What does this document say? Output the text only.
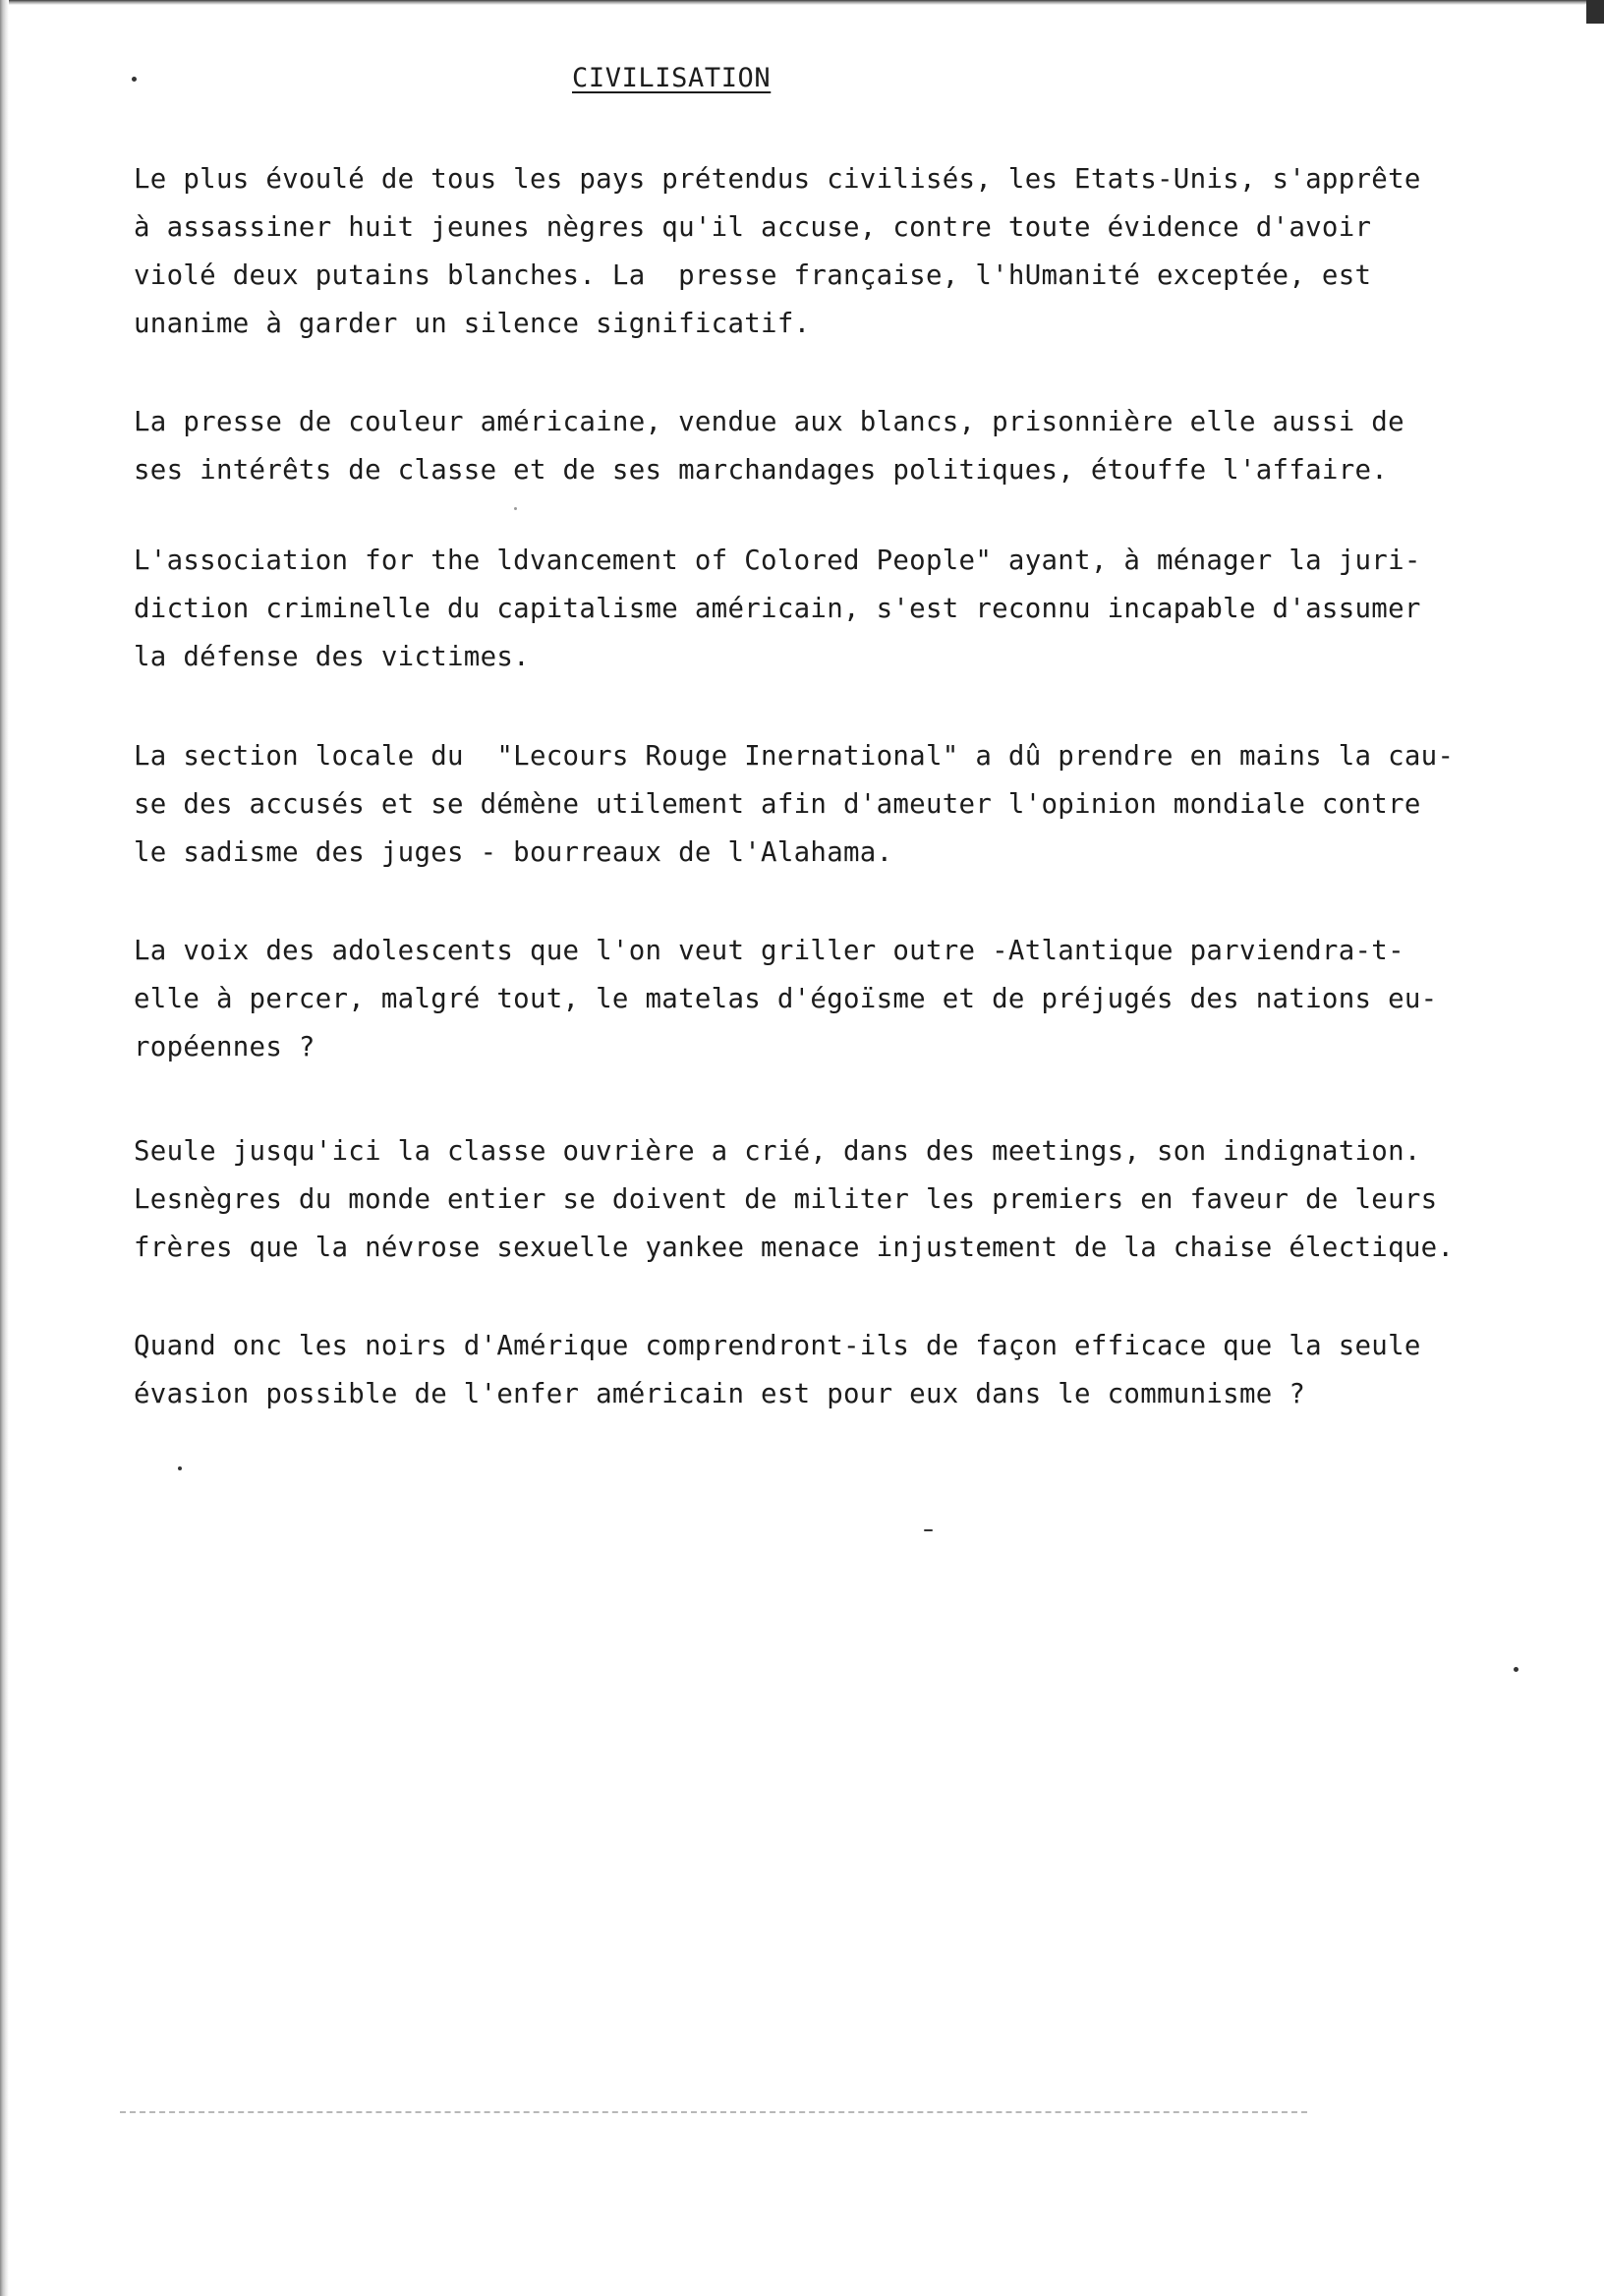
CIVILISATION
Le plus évoulé de tous les pays prétendus civilisés, les Etats-Unis, s'apprête
à assassiner huit jeunes nègres qu'il accuse, contre toute évidence d'avoir
violé deux putains blanches. La  presse française, l'hUmanité exceptée, est
unanime à garder un silence significatif.
La presse de couleur américaine, vendue aux blancs, prisonnière elle aussi de
ses intérêts de classe et de ses marchandages politiques, étouffe l'affaire.
L'association for the ldvancement of Colored People" ayant, à ménager la juri-
diction criminelle du capitalisme américain, s'est reconnu incapable d'assumer
la défense des victimes.
La section locale du  "Lecours Rouge Inernational" a dû prendre en mains la cau-
se des accusés et se démène utilement afin d'ameuter l'opinion mondiale contre
le sadisme des juges - bourreaux de l'Alahama.
La voix des adolescents que l'on veut griller outre -Atlantique parviendra-t-
elle à percer, malgré tout, le matelas d'égoïsme et de préjugés des nations eu-
ropéennes ?
Seule jusqu'ici la classe ouvrière a crié, dans des meetings, son indignation.
Lesnègres du monde entier se doivent de militer les premiers en faveur de leurs
frères que la névrose sexuelle yankee menace injustement de la chaise électique.
Quand onc les noirs d'Amérique comprendront-ils de façon efficace que la seule
évasion possible de l'enfer américain est pour eux dans le communisme ?
